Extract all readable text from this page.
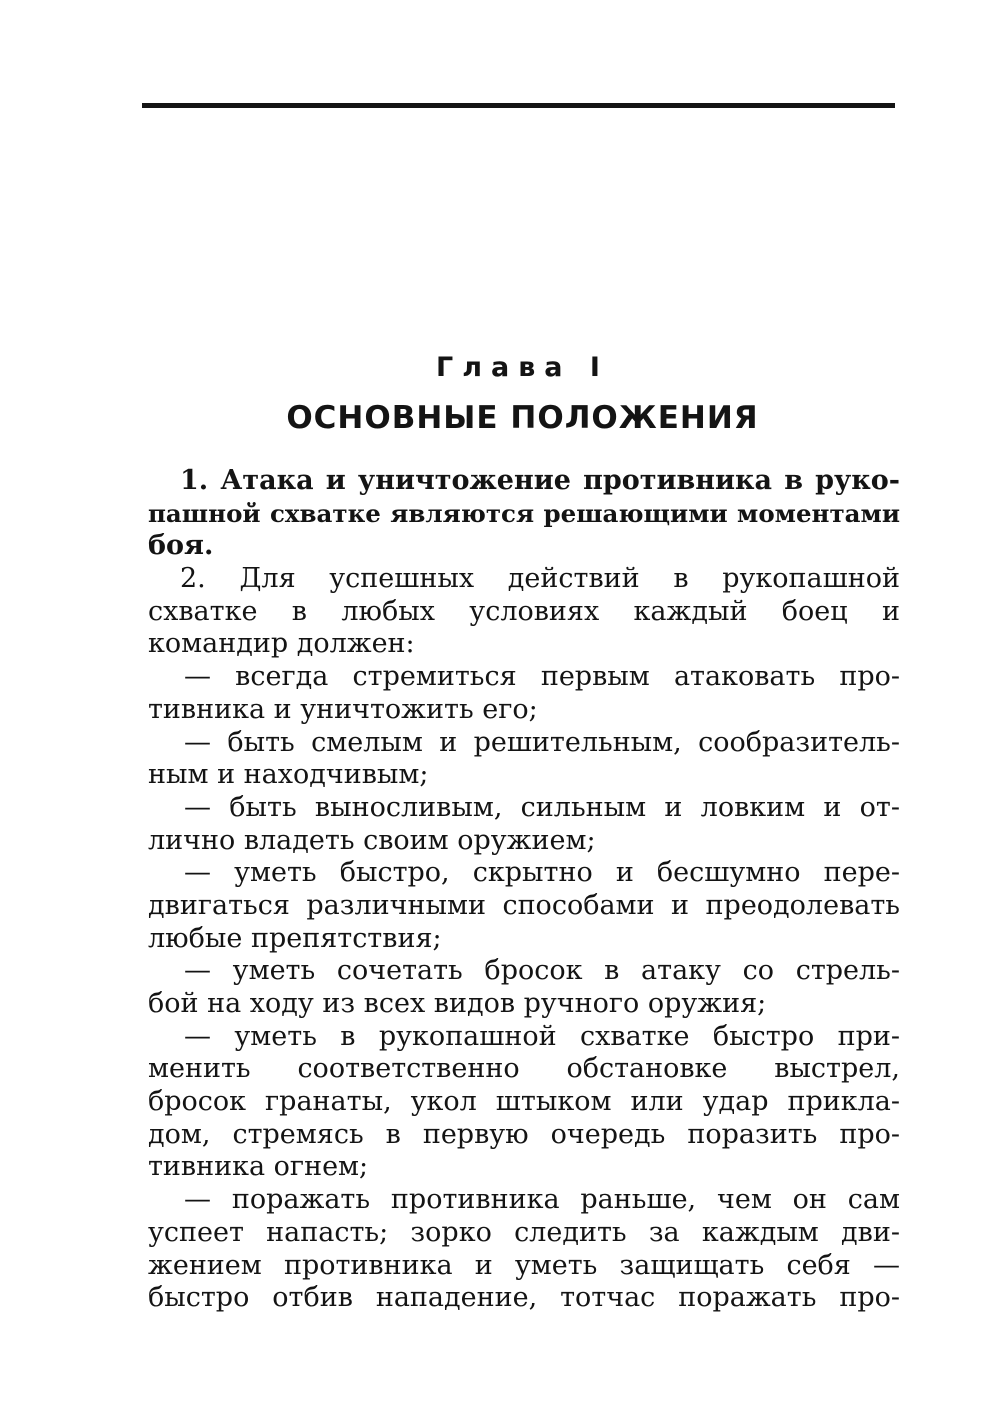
Глава I
ОСНОВНЫЕ ПОЛОЖЕНИЯ
1. Атака и уничтожение противника в руко-
пашной схватке являются решающими моментами
боя.
2. Для успешных действий в рукопашной
схватке в любых условиях каждый боец и
командир должен:
— всегда стремиться первым атаковать про-
тивника и уничтожить его;
— быть смелым и решительным, сообразитель-
ным и находчивым;
— быть выносливым, сильным и ловким и от-
лично владеть своим оружием;
— уметь быстро, скрытно и бесшумно пере-
двигаться различными способами и преодолевать
любые препятствия;
— уметь сочетать бросок в атаку со стрель-
бой на ходу из всех видов ручного оружия;
— уметь в рукопашной схватке быстро при-
менить соответственно обстановке выстрел,
бросок гранаты, укол штыком или удар прикла-
дом, стремясь в первую очередь поразить про-
тивника огнем;
— поражать противника раньше, чем он сам
успеет напасть; зорко следить за каждым дви-
жением противника и уметь защищать себя —
быстро отбив нападение, тотчас поражать про-
